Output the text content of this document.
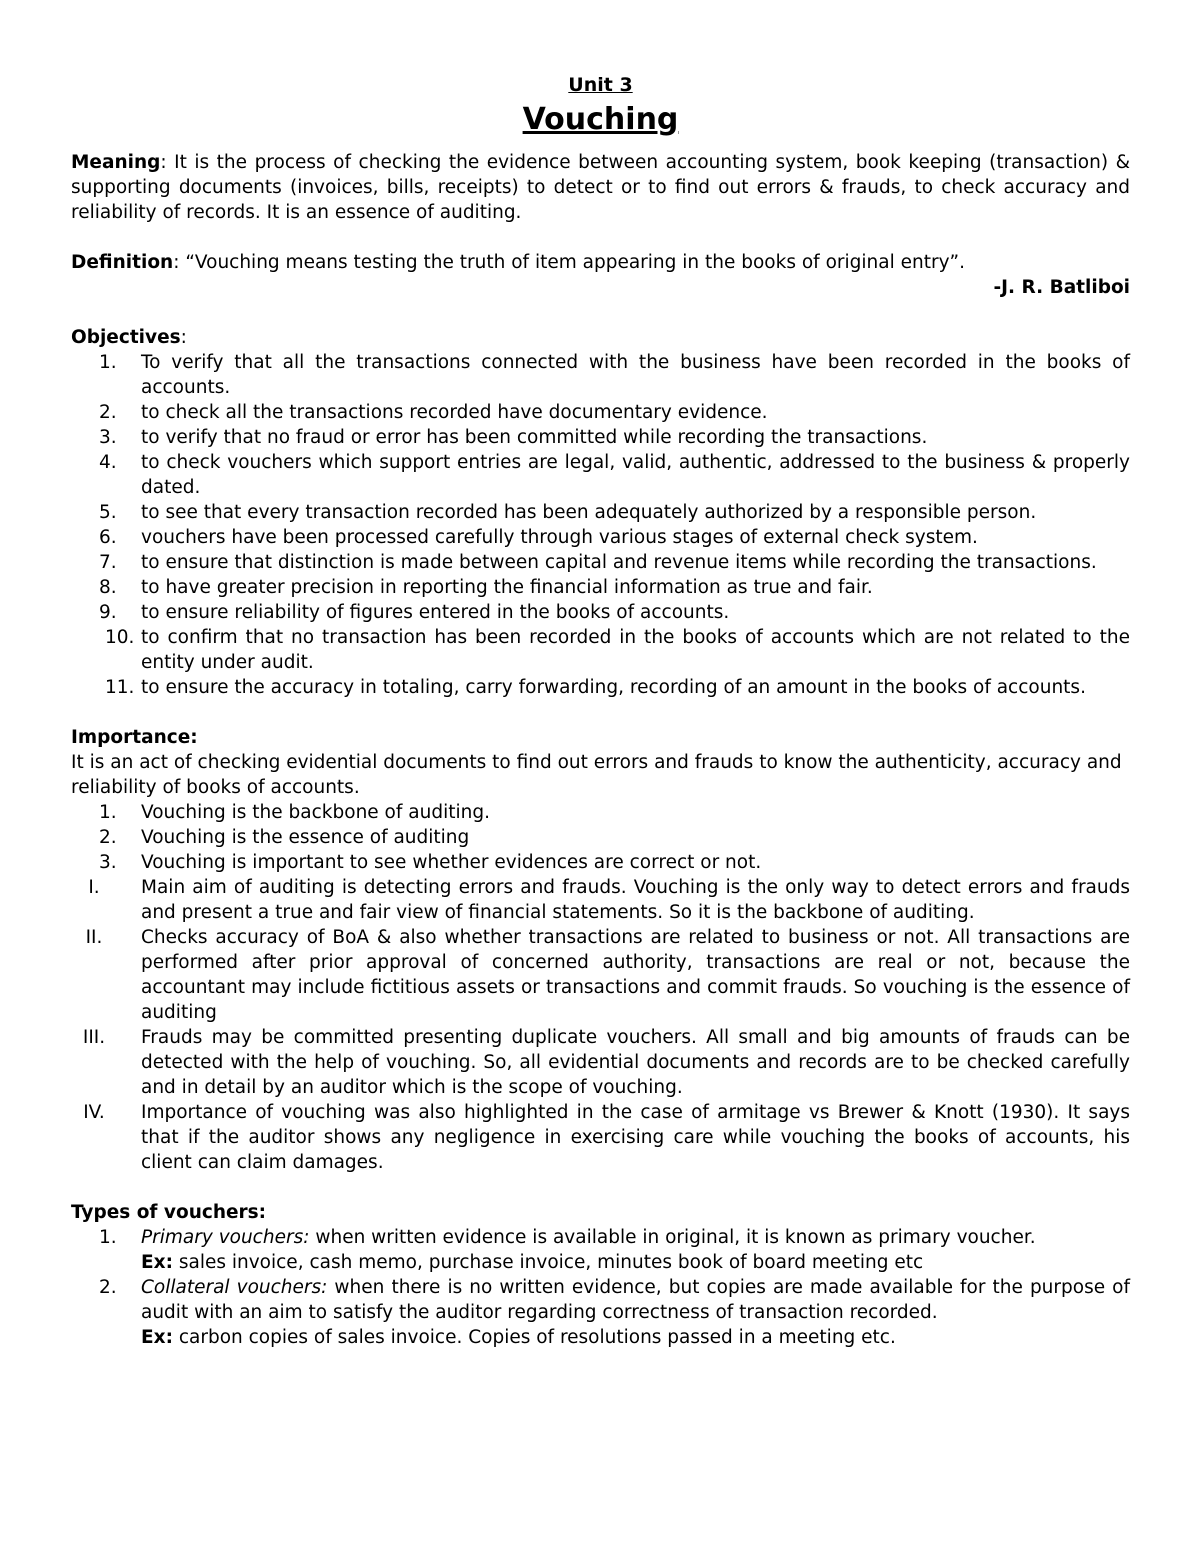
Unit 3
Vouching

Meaning: It is the process of checking the evidence between accounting system, book keeping (transaction) & supporting documents (invoices, bills, receipts) to detect or to find out errors & frauds, to check accuracy and reliability of records. It is an essence of auditing.

Definition: “Vouching means testing the truth of item appearing in the books of original entry”.

-J. R. Batliboi
Objectives:
1.	To verify that all the transactions connected with the business have been recorded in the books of accounts.
2.	to check all the transactions recorded have documentary evidence.
3.	to verify that no fraud or error has been committed while recording the transactions.
4.	to check vouchers which support entries are legal, valid, authentic, addressed to the business & properly dated.
5.	to see that every transaction recorded has been adequately authorized by a responsible person.
6.	vouchers have been processed carefully through various stages of external check system.
7.	to ensure that distinction is made between capital and revenue items while recording the transactions.
8.	to have greater precision in reporting the financial information as true and fair.
9.	to ensure reliability of figures entered in the books of accounts.
10. to confirm that no transaction has been recorded in the books of accounts which are not related to the entity under audit.
11. to ensure the accuracy in totaling, carry forwarding, recording of an amount in the books of accounts.
Importance:

It is an act of checking evidential documents to find out errors and frauds to know the authenticity, accuracy and reliability of books of accounts.

1.	Vouching is the backbone of auditing.
2.	Vouching is the essence of auditing
3.	Vouching is important to see whether evidences are correct or not.
I.	Main aim of auditing is detecting errors and frauds. Vouching is the only way to detect errors and frauds and present a true and fair view of financial statements. So it is the backbone of auditing.
II.	Checks accuracy of BoA & also whether transactions are related to business or not. All transactions are performed after prior approval of concerned authority, transactions are real or not, because the accountant may include fictitious assets or transactions and commit frauds. So vouching is the essence of auditing
III.	Frauds may be committed presenting duplicate vouchers. All small and big amounts of frauds can be detected with the help of vouching. So, all evidential documents and records are to be checked carefully and in detail by an auditor which is the scope of vouching.
IV.	Importance of vouching was also highlighted in the case of armitage vs Brewer & Knott (1930). It says that if the auditor shows any negligence in exercising care while vouching the books of accounts, his client can claim damages.
Types of vouchers:
1.	Primary vouchers: when written evidence is available in original, it is known as primary voucher.
Ex: sales invoice, cash memo, purchase invoice, minutes book of board meeting etc
2.	Collateral vouchers: when there is no written evidence, but copies are made available for the purpose of audit with an aim to satisfy the auditor regarding correctness of transaction recorded.
Ex: carbon copies of sales invoice. Copies of resolutions passed in a meeting etc.
